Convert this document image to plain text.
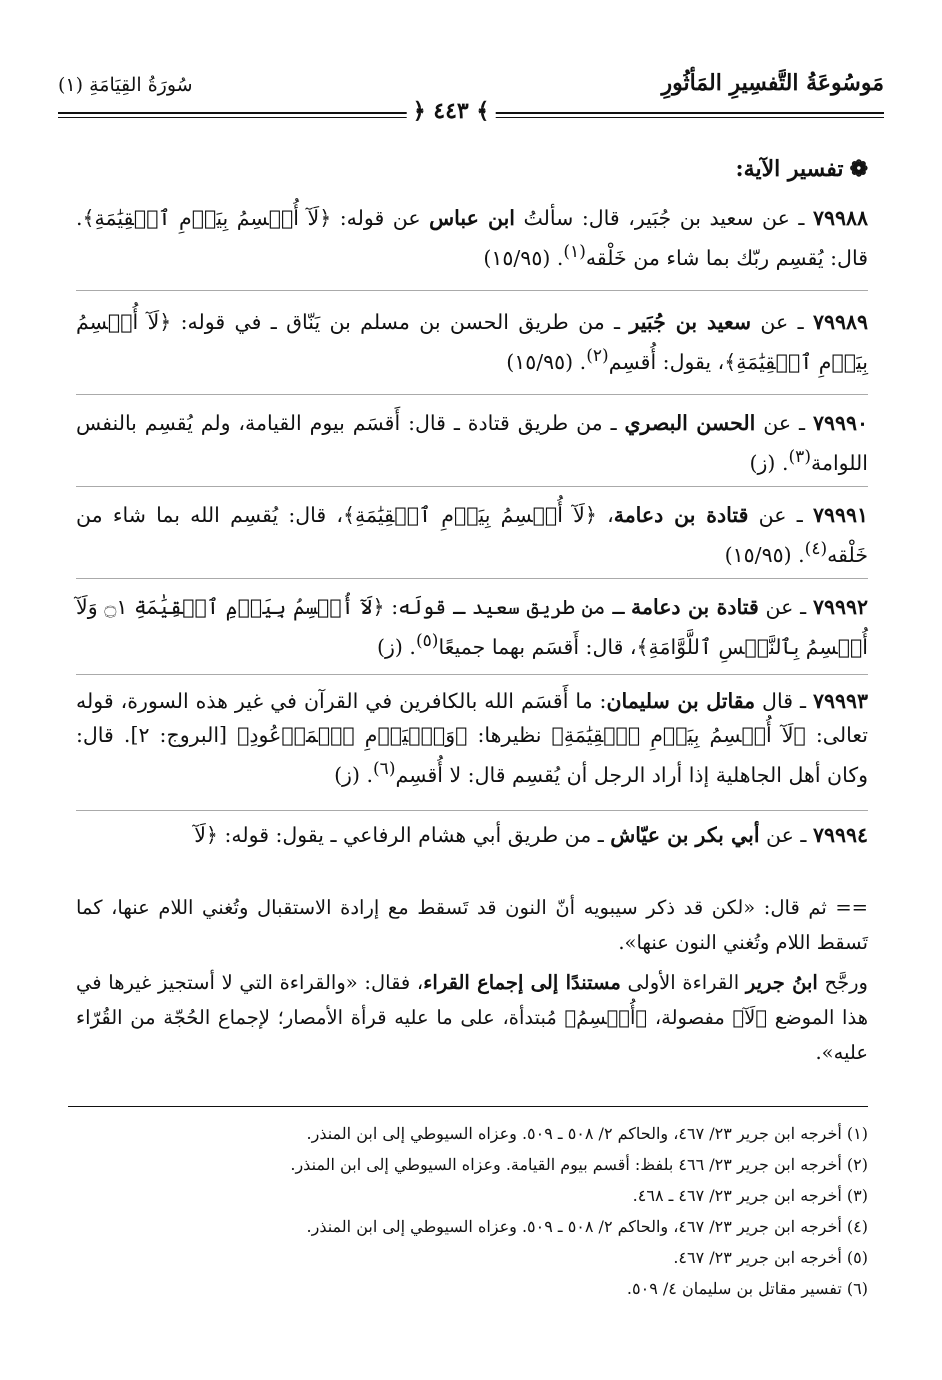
سُورَةُ القِيَامَةِ (١)	مَوسُوعَةُ التَّفسِيرِ المَأثُورِ
﴾ ٤٤٣ ﴿
❁تفسير الآية:
٧٩٩٨٨ ـ عن سعيد بن جُبَير، قال: سألتُ ابن عباس عن قوله: ﴿لَآ أُقۡسِمُ بِيَوۡمِ ٱلۡقِيَٰمَةِ﴾. قال: يُقسِم ربّك بما شاء من خَلْقه$^{(١)}$. (١٥/٩٥)
٧٩٩٨٩ ـ عن سعيد بن جُبَير ـ من طريق الحسن بن مسلم بن يَنّاق ـ في قوله: ﴿لَآ أُقۡسِمُ بِيَوۡمِ ٱلۡقِيَٰمَةِ﴾، يقول: أُقسِم$^{(٢)}$. (١٥/٩٥)
٧٩٩٩٠ ـ عن الحسن البصري ـ من طريق قتادة ـ قال: أَقسَم بيوم القيامة، ولم يُقسِم بالنفس اللوامة$^{(٣)}$. (ز)
٧٩٩٩١ ـ عن قتادة بن دعامة، ﴿لَآ أُقۡسِمُ بِيَوۡمِ ٱلۡقِيَٰمَةِ﴾، قال: يُقسِم الله بما شاء من خَلْقه$^{(٤)}$. (١٥/٩٥)
٧٩٩٩٢ ـ عن قتادة بن دعامة ـ من طريق سعيد ـ قولَه: ﴿لَآ أُقۡسِمُ بِيَوۡمِ ٱلۡقِيَٰمَةِ ۝١ وَلَآ أُقۡسِمُ بِٱلنَّفۡسِ ٱللَّوَّامَةِ﴾، قال: أَقسَم بهما جميعًا$^{(٥)}$. (ز)
٧٩٩٩٣ ـ قال مقاتل بن سليمان: ما أَقسَم الله بالكافرين في القرآن في غير هذه السورة، قوله تعالى: ﴿لَآ أُقۡسِمُ بِيَوۡمِ ٱلۡقِيَٰمَةِ﴾ نظيرها: ﴿وَٱلۡيَوۡمِ ٱلۡمَوۡعُودِ﴾ [البروج: ٢]. قال: وكان أهل الجاهلية إذا أراد الرجل أن يُقسِم قال: لا أُقسِم$^{(٦)}$. (ز)
٧٩٩٩٤ ـ عن أبي بكر بن عيّاش ـ من طريق أبي هشام الرفاعي ـ يقول: قوله: ﴿لَآ
== ثم قال: «لكن قد ذكر سيبويه أنّ النون قد تَسقط مع إرادة الاستقبال وتُغني اللام عنها، كما تَسقط اللام وتُغني النون عنها».
ورجَّح ابنُ جرير القراءة الأولى مستندًا إلى إجماع القراء، فقال: «والقراءة التي لا أستجيز غيرها في هذا الموضع ﴿لَآ﴾ مفصولة، ﴿أُقۡسِمُ﴾ مُبتدأة، على ما عليه قرأة الأمصار؛ لإجماع الحُجّة من القُرّاء عليه».
(١) أخرجه ابن جرير ٢٣/ ٤٦٧، والحاكم ٢/ ٥٠٨ ـ ٥٠٩. وعزاه السيوطي إلى ابن المنذر.
(٢) أخرجه ابن جرير ٢٣/ ٤٦٦ بلفظ: أقسم بيوم القيامة. وعزاه السيوطي إلى ابن المنذر.
(٣) أخرجه ابن جرير ٢٣/ ٤٦٧ ـ ٤٦٨.
(٤) أخرجه ابن جرير ٢٣/ ٤٦٧، والحاكم ٢/ ٥٠٨ ـ ٥٠٩. وعزاه السيوطي إلى ابن المنذر.
(٥) أخرجه ابن جرير ٢٣/ ٤٦٧.
(٦) تفسير مقاتل بن سليمان ٤/ ٥٠٩.
